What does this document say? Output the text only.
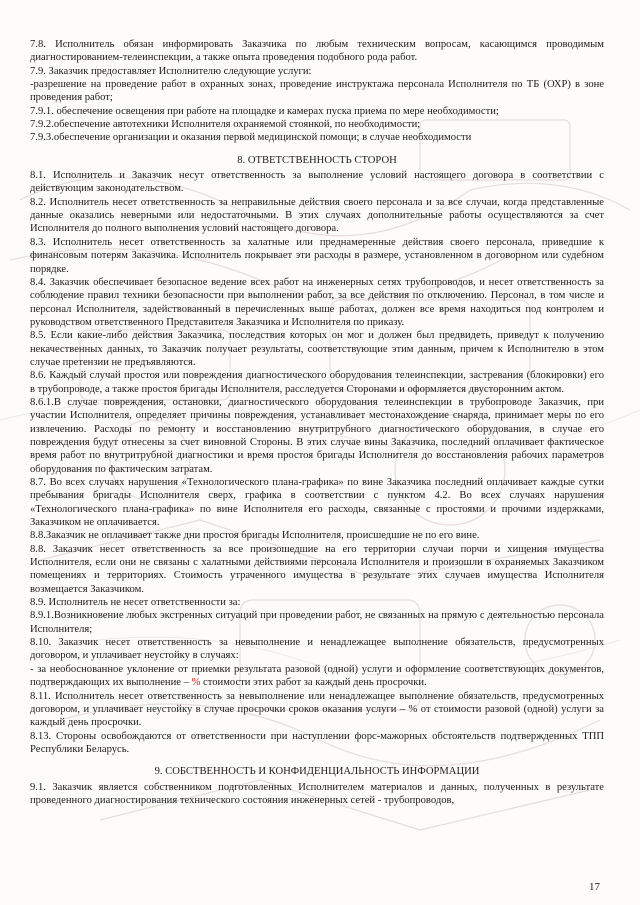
7.8. Исполнитель обязан информировать Заказчика по любым техническим вопросам, касающимся проводимым диагностированием-телеинспекции, а также опыта проведения подобного рода работ.

7.9. Заказчик предоставляет Исполнителю следующие услуги:

-разрешение на проведение работ в охранных зонах, проведение инструктажа персонала Исполнителя по ТБ (ОХР) в зоне проведения работ;

7.9.1. обеспечение освещения при работе на площадке и камерах пуска приема по мере необходимости;

7.9.2.обеспечение автотехники Исполнителя охраняемой стоянкой, по необходимости;

7.9.3.обеспечение организации и оказания первой медицинской помощи; в случае необходимости

8. ОТВЕТСТВЕННОСТЬ СТОРОН

8.1. Исполнитель и Заказчик несут ответственность за выполнение условий настоящего договора в соответствии с действующим законодательством.

8.2. Исполнитель несет ответственность за неправильные действия своего персонала и за все случаи, когда представленные данные оказались неверными или недостаточными. В этих случаях дополнительные работы осуществляются за счет Исполнителя до полного выполнения условий настоящего договора.

8.3. Исполнитель несет ответственность за халатные или преднамеренные действия своего персонала, приведшие к финансовым потерям Заказчика. Исполнитель покрывает эти расходы в размере, установленном в договорном или судебном порядке.

8.4. Заказчик обеспечивает безопасное ведение всех работ на инженерных сетях трубопроводов, и несет ответственность за соблюдение правил техники безопасности при выполнении работ, за все действия по отключению. Персонал, в том числе и персонал Исполнителя, задействованный в перечисленных выше работах, должен все время находиться под контролем и руководством ответственного Представителя Заказчика и Исполнителя по приказу.

8.5. Если какие-либо действия Заказчика, последствия которых он мог и должен был предвидеть, приведут к получению некачественных данных, то Заказчик получает результаты, соответствующие этим данным, причем к Исполнителю в этом случае претензии не предъявляются.

8.6. Каждый случай простоя или повреждения диагностического оборудования телеинспекции, застревания (блокировки) его в трубопроводе, а также простоя бригады Исполнителя, расследуется Сторонами и оформляется двусторонним актом.

8.6.1.В случае повреждения, остановки, диагностического оборудования телеинспекции в трубопроводе Заказчик, при участии Исполнителя, определяет причины повреждения, устанавливает местонахождение снаряда, принимает меры по его извлечению. Расходы по ремонту и восстановлению внутритрубного диагностического оборудования, в случае его повреждения будут отнесены за счет виновной Стороны. В этих случае вины Заказчика, последний оплачивает фактическое время работ по внутритрубной диагностики и время простоя бригады Исполнителя до восстановления рабочих параметров оборудования по фактическим затратам.

8.7. Во всех случаях нарушения «Технологического плана-графика» по вине Заказчика последний оплачивает каждые сутки пребывания бригады Исполнителя сверх, графика в соответствии с пунктом 4.2. Во всех случаях нарушения «Технологического плана-графика» по вине Исполнителя его расходы, связанные с простоями и прочими издержками, Заказчиком не оплачивается.

8.8.Заказчик не оплачивает также дни простоя бригады Исполнителя, происшедшие не по его вине.

8.8. Заказчик несет ответственность за все произошедшие на его территории случаи порчи и хищения имущества Исполнителя, если они не связаны с халатными действиями персонала Исполнителя и произошли в охраняемых Заказчиком помещениях и территориях. Стоимость утраченного имущества в результате этих случаев имущества Исполнителя возмещается Заказчиком.

8.9. Исполнитель не несет ответственности за:

8.9.1.Возникновение любых экстренных ситуаций при проведении работ, не связанных на прямую с деятельностью персонала Исполнителя;

8.10. Заказчик несет ответственность за невыполнение и ненадлежащее выполнение обязательств, предусмотренных договором, и уплачивает неустойку в случаях:

- за необоснованное уклонение от приемки результата разовой (одной) услуги и оформление соответствующих документов, подтверждающих их выполнение – % стоимости этих работ за каждый день просрочки.

8.11. Исполнитель несет ответственность за невыполнение или ненадлежащее выполнение обязательств, предусмотренных договором, и уплачивает неустойку в случае просрочки сроков оказания услуги – % от стоимости разовой (одной) услуги за каждый день просрочки.

8.13. Стороны освобождаются от ответственности при наступлении форс-мажорных обстоятельств подтвержденных ТПП Республики Беларусь.

9. СОБСТВЕННОСТЬ И КОНФИДЕНЦИАЛЬНОСТЬ ИНФОРМАЦИИ

9.1. Заказчик является собственником подготовленных Исполнителем материалов и данных, полученных в результате проведенного диагностирования технического состояния инженерных сетей - трубопроводов,

17
